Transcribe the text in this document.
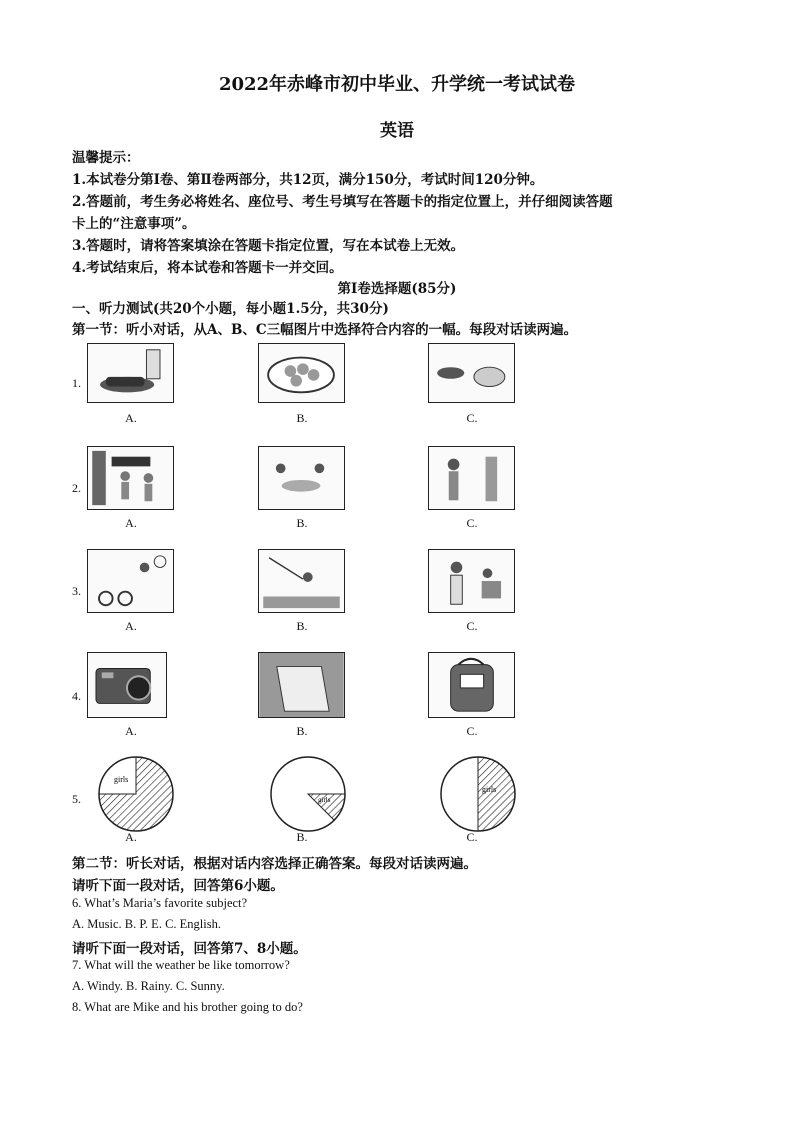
2022年赤峰市初中毕业、升学统一考试试卷
英语
温馨提示：
1.本试卷分第Ⅰ卷、第Ⅱ卷两部分，共12页，满分150分，考试时间120分钟。
2.答题前，考生务必将姓名、座位号、考生号填写在答题卡的指定位置上，并仔细阅读答题
卡上的“注意事项”。
3.答题时，请将答案填涂在答题卡指定位置，写在本试卷上无效。
4.考试结束后，将本试卷和答题卡一并交回。
第Ⅰ卷选择题(85分)
一、听力测试(共20个小题，每小题1.5分，共30分)
第一节：听小对话，从A、B、C三幅图片中选择符合内容的一幅。每段对话读两遍。
1.
A.	B.	C.
2.
A.	B.	C.
3.
A.	B.	C.
4.
A.	B.	C.
5.
girls
girls
girls
A.	B.	C.
第二节：听长对话，根据对话内容选择正确答案。每段对话读两遍。
请听下面一段对话，回答第6小题。
6. What’s Maria’s favorite subject?
A. Music. B. P. E. C. English.
请听下面一段对话，回答第7、8小题。
7. What will the weather be like tomorrow?
A. Windy. B. Rainy. C. Sunny.
8. What are Mike and his brother going to do?
